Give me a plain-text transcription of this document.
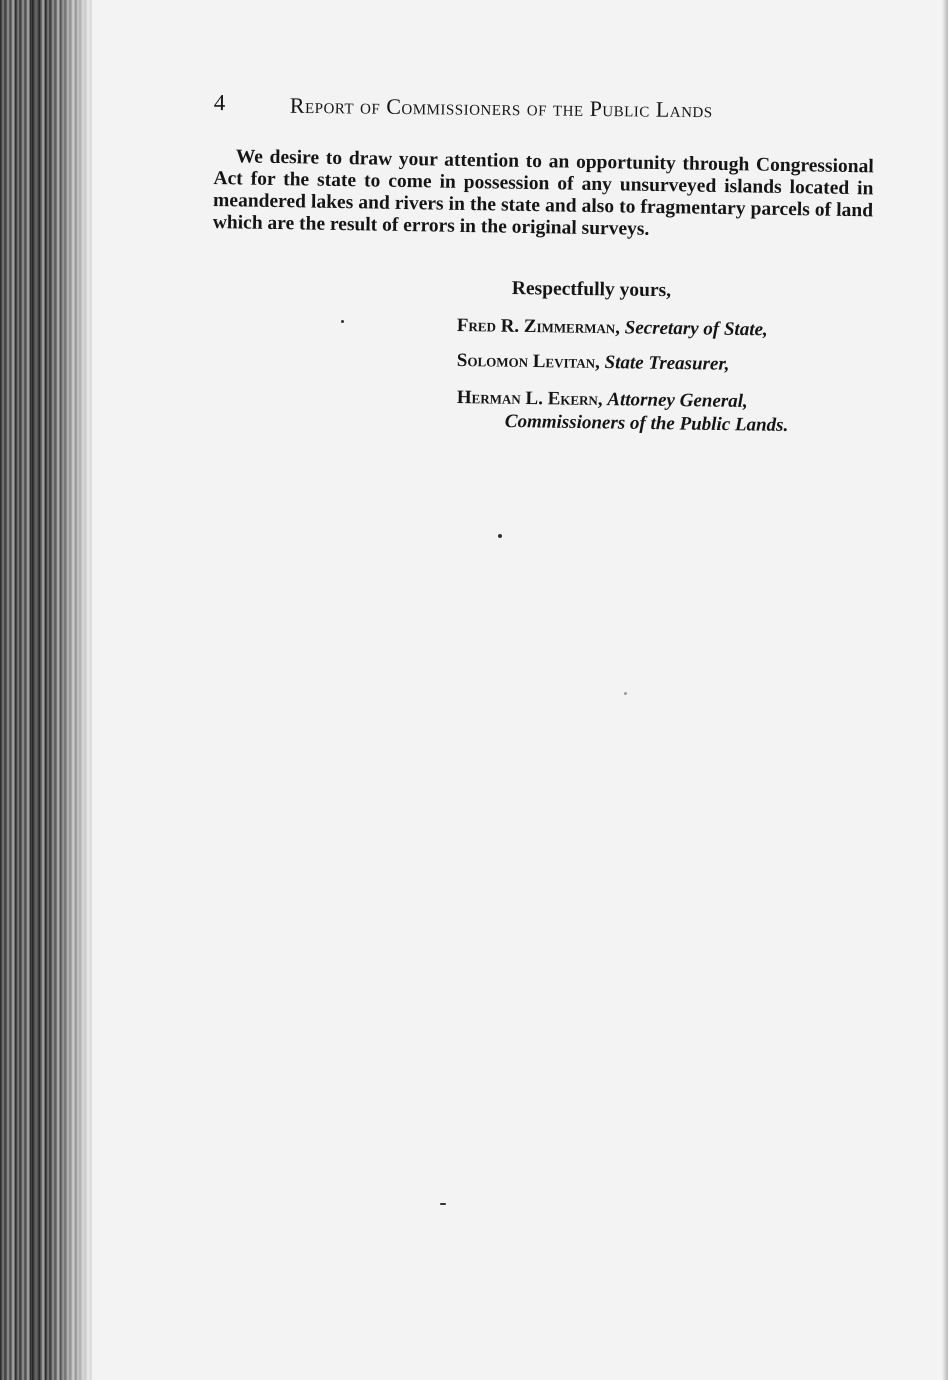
4	Report of Commissioners of the Public Lands

We desire to draw your attention to an opportunity through Congressional Act for the state to come in possession of any unsurveyed islands located in meandered lakes and rivers in the state and also to fragmentary parcels of land which are the result of errors in the original surveys.

Respectfully yours,
Fred R. Zimmerman, Secretary of State,
Solomon Levitan, State Treasurer,
Herman L. Ekern, Attorney General,
Commissioners of the Public Lands.
